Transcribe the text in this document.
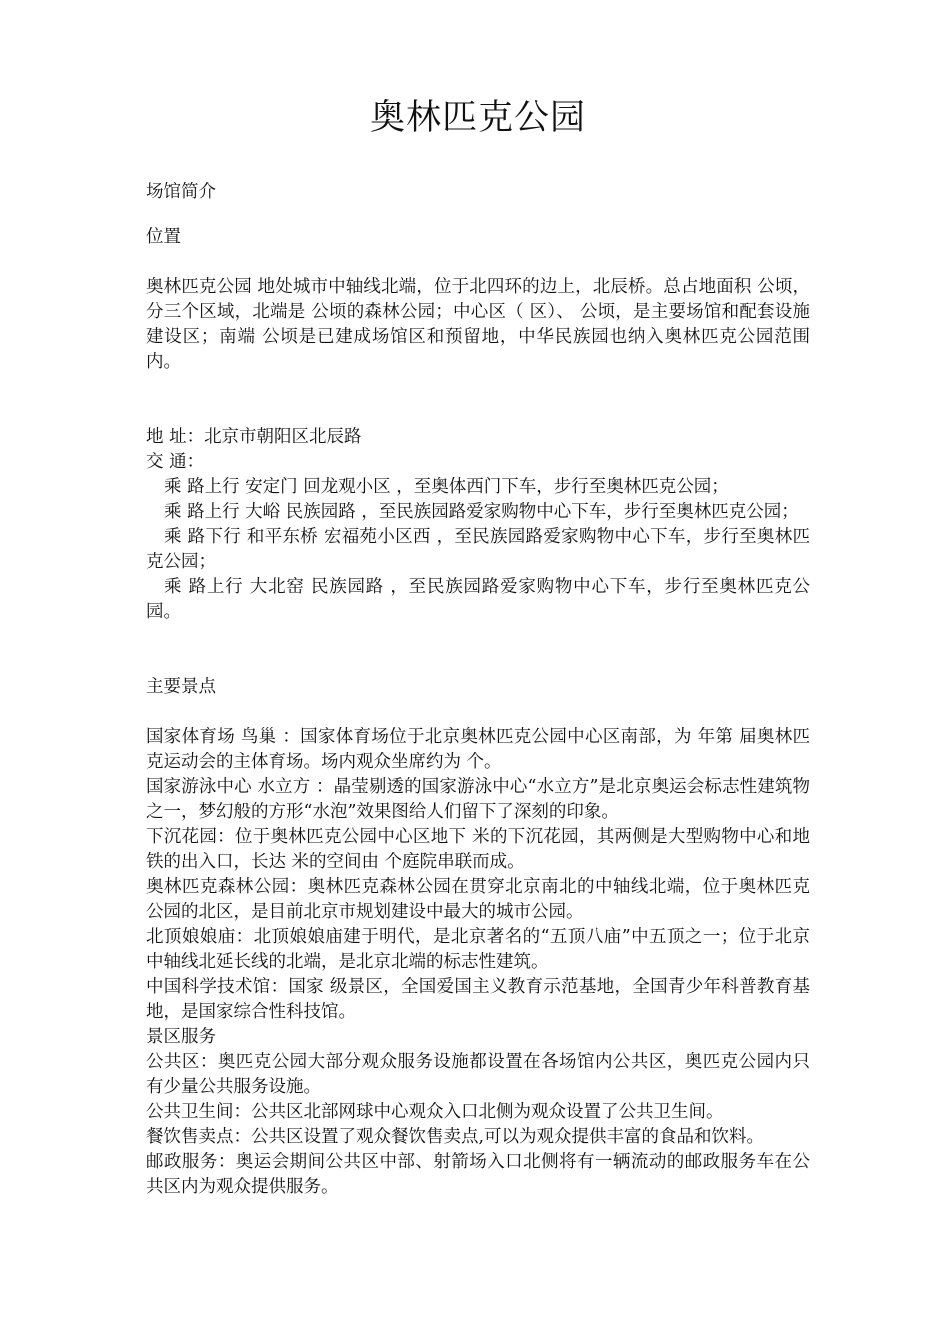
奥林匹克公园

场馆简介

位置

奥林匹克公园 地处城市中轴线北端，位于北四环的边上，北辰桥。总占地面积 公顷，分三个区域，北端是 公顷的森林公园；中心区（ 区）、 公顷，是主要场馆和配套设施建设区；南端 公顷是已建成场馆区和预留地，中华民族园也纳入奥林匹克公园范围内。

地 址：北京市朝阳区北辰路

交 通：

乘 路上行 安定门 回龙观小区 ，至奥体西门下车，步行至奥林匹克公园；

乘 路上行 大峪 民族园路 ，至民族园路爱家购物中心下车，步行至奥林匹克公园；

乘 路下行 和平东桥 宏福苑小区西 ，至民族园路爱家购物中心下车，步行至奥林匹克公园；

乘 路上行 大北窑 民族园路 ，至民族园路爱家购物中心下车，步行至奥林匹克公园。

主要景点

国家体育场 鸟巢 ：国家体育场位于北京奥林匹克公园中心区南部，为 年第 届奥林匹克运动会的主体育场。场内观众坐席约为 个。

国家游泳中心 水立方 ：晶莹剔透的国家游泳中心“水立方”是北京奥运会标志性建筑物之一，梦幻般的方形“水泡”效果图给人们留下了深刻的印象。

下沉花园：位于奥林匹克公园中心区地下 米的下沉花园，其两侧是大型购物中心和地铁的出入口，长达 米的空间由 个庭院串联而成。

奥林匹克森林公园：奥林匹克森林公园在贯穿北京南北的中轴线北端，位于奥林匹克公园的北区，是目前北京市规划建设中最大的城市公园。

北顶娘娘庙：北顶娘娘庙建于明代，是北京著名的“五顶八庙”中五顶之一；位于北京中轴线北延长线的北端，是北京北端的标志性建筑。

中国科学技术馆：国家 级景区，全国爱国主义教育示范基地，全国青少年科普教育基地，是国家综合性科技馆。

景区服务

公共区：奥匹克公园大部分观众服务设施都设置在各场馆内公共区，奥匹克公园内只有少量公共服务设施。

公共卫生间：公共区北部网球中心观众入口北侧为观众设置了公共卫生间。

餐饮售卖点：公共区设置了观众餐饮售卖点,可以为观众提供丰富的食品和饮料。

邮政服务：奥运会期间公共区中部、射箭场入口北侧将有一辆流动的邮政服务车在公共区内为观众提供服务。
